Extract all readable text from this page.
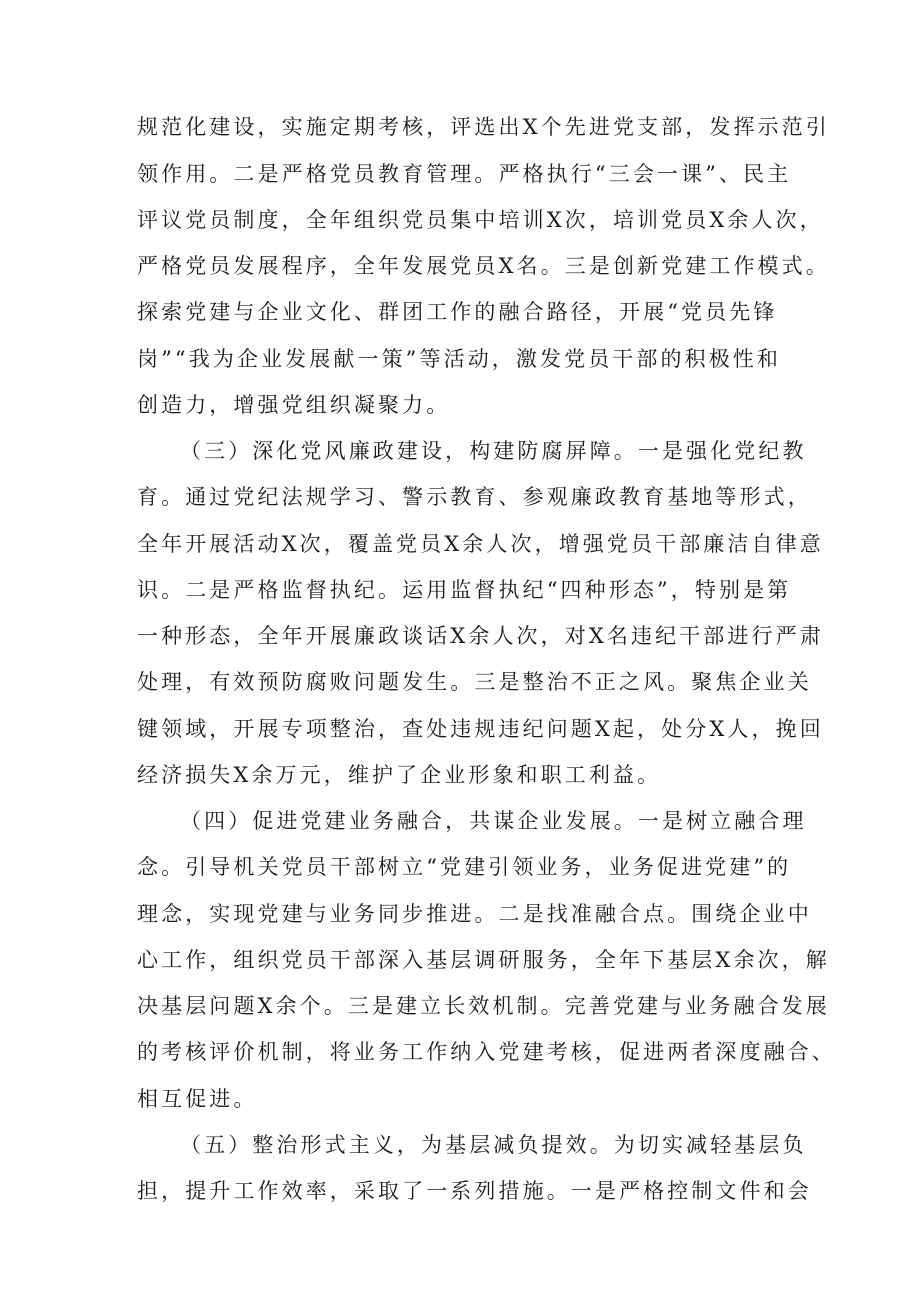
规范化建设，实施定期考核，评选出X个先进党支部，发挥示范引
领作用。二是严格党员教育管理。严格执行“三会一课”、民主
评议党员制度，全年组织党员集中培训X次，培训党员X余人次，
严格党员发展程序，全年发展党员X名。三是创新党建工作模式。
探索党建与企业文化、群团工作的融合路径，开展“党员先锋
岗”“我为企业发展献一策”等活动，激发党员干部的积极性和
创造力，增强党组织凝聚力。
（三）深化党风廉政建设，构建防腐屏障。一是强化党纪教
育。通过党纪法规学习、警示教育、参观廉政教育基地等形式，
全年开展活动X次，覆盖党员X余人次，增强党员干部廉洁自律意
识。二是严格监督执纪。运用监督执纪“四种形态”，特别是第
一种形态，全年开展廉政谈话X余人次，对X名违纪干部进行严肃
处理，有效预防腐败问题发生。三是整治不正之风。聚焦企业关
键领域，开展专项整治，查处违规违纪问题X起，处分X人，挽回
经济损失X余万元，维护了企业形象和职工利益。
（四）促进党建业务融合，共谋企业发展。一是树立融合理
念。引导机关党员干部树立“党建引领业务，业务促进党建”的
理念，实现党建与业务同步推进。二是找准融合点。围绕企业中
心工作，组织党员干部深入基层调研服务，全年下基层X余次，解
决基层问题X余个。三是建立长效机制。完善党建与业务融合发展
的考核评价机制，将业务工作纳入党建考核，促进两者深度融合、
相互促进。
（五）整治形式主义，为基层减负提效。为切实减轻基层负
担，提升工作效率，采取了一系列措施。一是严格控制文件和会
